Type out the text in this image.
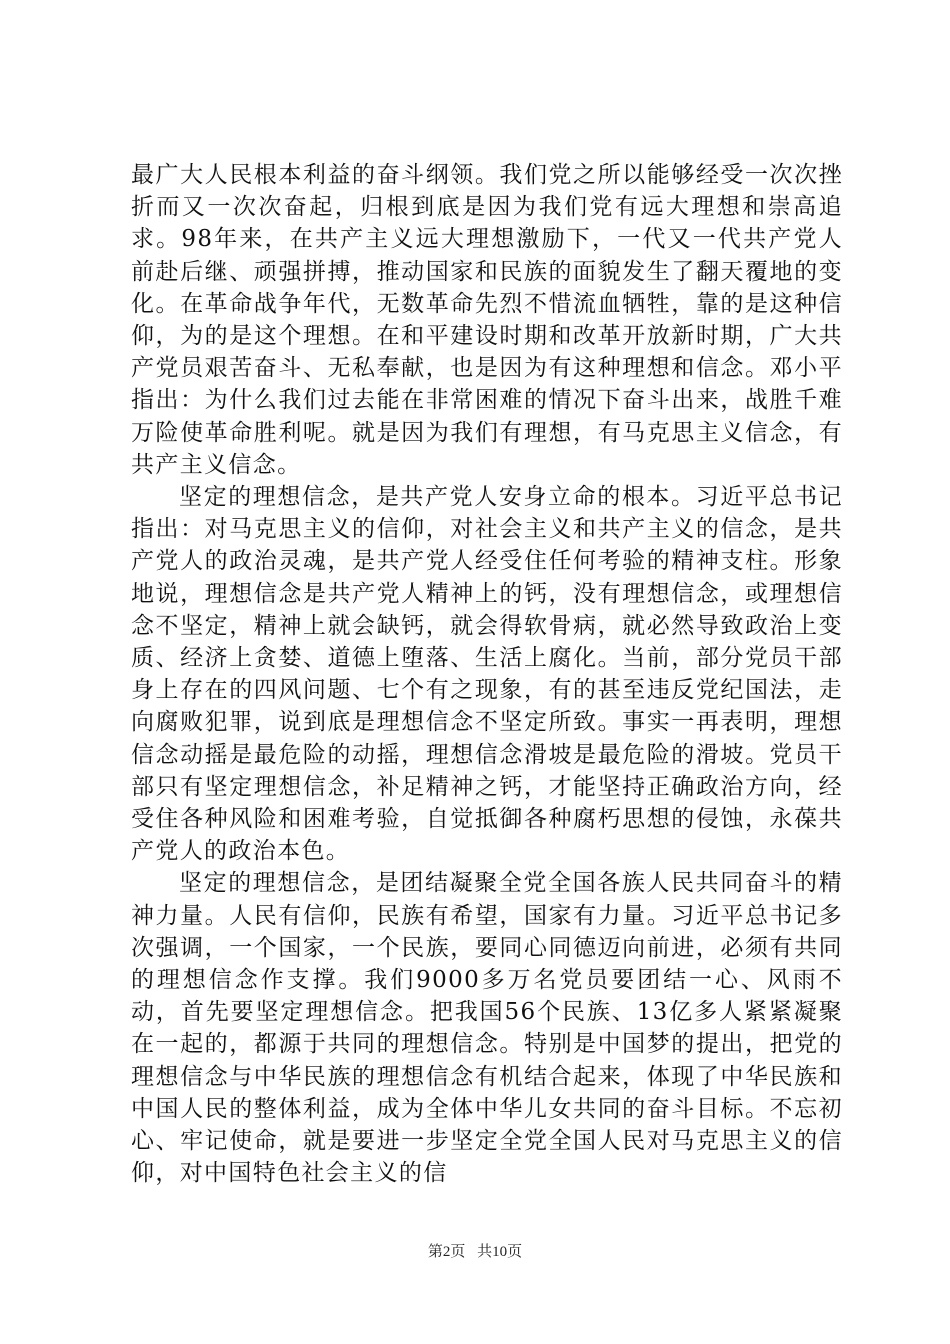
最广大人民根本利益的奋斗纲领。我们党之所以能够经受一次次挫折而又一次次奋起，归根到底是因为我们党有远大理想和崇高追求。98年来，在共产主义远大理想激励下，一代又一代共产党人前赴后继、顽强拼搏，推动国家和民族的面貌发生了翻天覆地的变化。在革命战争年代，无数革命先烈不惜流血牺牲，靠的是这种信仰，为的是这个理想。在和平建设时期和改革开放新时期，广大共产党员艰苦奋斗、无私奉献，也是因为有这种理想和信念。邓小平指出：为什么我们过去能在非常困难的情况下奋斗出来，战胜千难万险使革命胜利呢。就是因为我们有理想，有马克思主义信念，有共产主义信念。

坚定的理想信念，是共产党人安身立命的根本。习近平总书记指出：对马克思主义的信仰，对社会主义和共产主义的信念，是共产党人的政治灵魂，是共产党人经受住任何考验的精神支柱。形象地说，理想信念是共产党人精神上的钙，没有理想信念，或理想信念不坚定，精神上就会缺钙，就会得软骨病，就必然导致政治上变质、经济上贪婪、道德上堕落、生活上腐化。当前，部分党员干部身上存在的四风问题、七个有之现象，有的甚至违反党纪国法，走向腐败犯罪，说到底是理想信念不坚定所致。事实一再表明，理想信念动摇是最危险的动摇，理想信念滑坡是最危险的滑坡。党员干部只有坚定理想信念，补足精神之钙，才能坚持正确政治方向，经受住各种风险和困难考验，自觉抵御各种腐朽思想的侵蚀，永葆共产党人的政治本色。

坚定的理想信念，是团结凝聚全党全国各族人民共同奋斗的精神力量。人民有信仰，民族有希望，国家有力量。习近平总书记多次强调，一个国家，一个民族，要同心同德迈向前进，必须有共同的理想信念作支撑。我们9000多万名党员要团结一心、风雨不动，首先要坚定理想信念。把我国56个民族、13亿多人紧紧凝聚在一起的，都源于共同的理想信念。特别是中国梦的提出，把党的理想信念与中华民族的理想信念有机结合起来，体现了中华民族和中国人民的整体利益，成为全体中华儿女共同的奋斗目标。不忘初心、牢记使命，就是要进一步坚定全党全国人民对马克思主义的信仰，对中国特色社会主义的信

第2页 共10页
